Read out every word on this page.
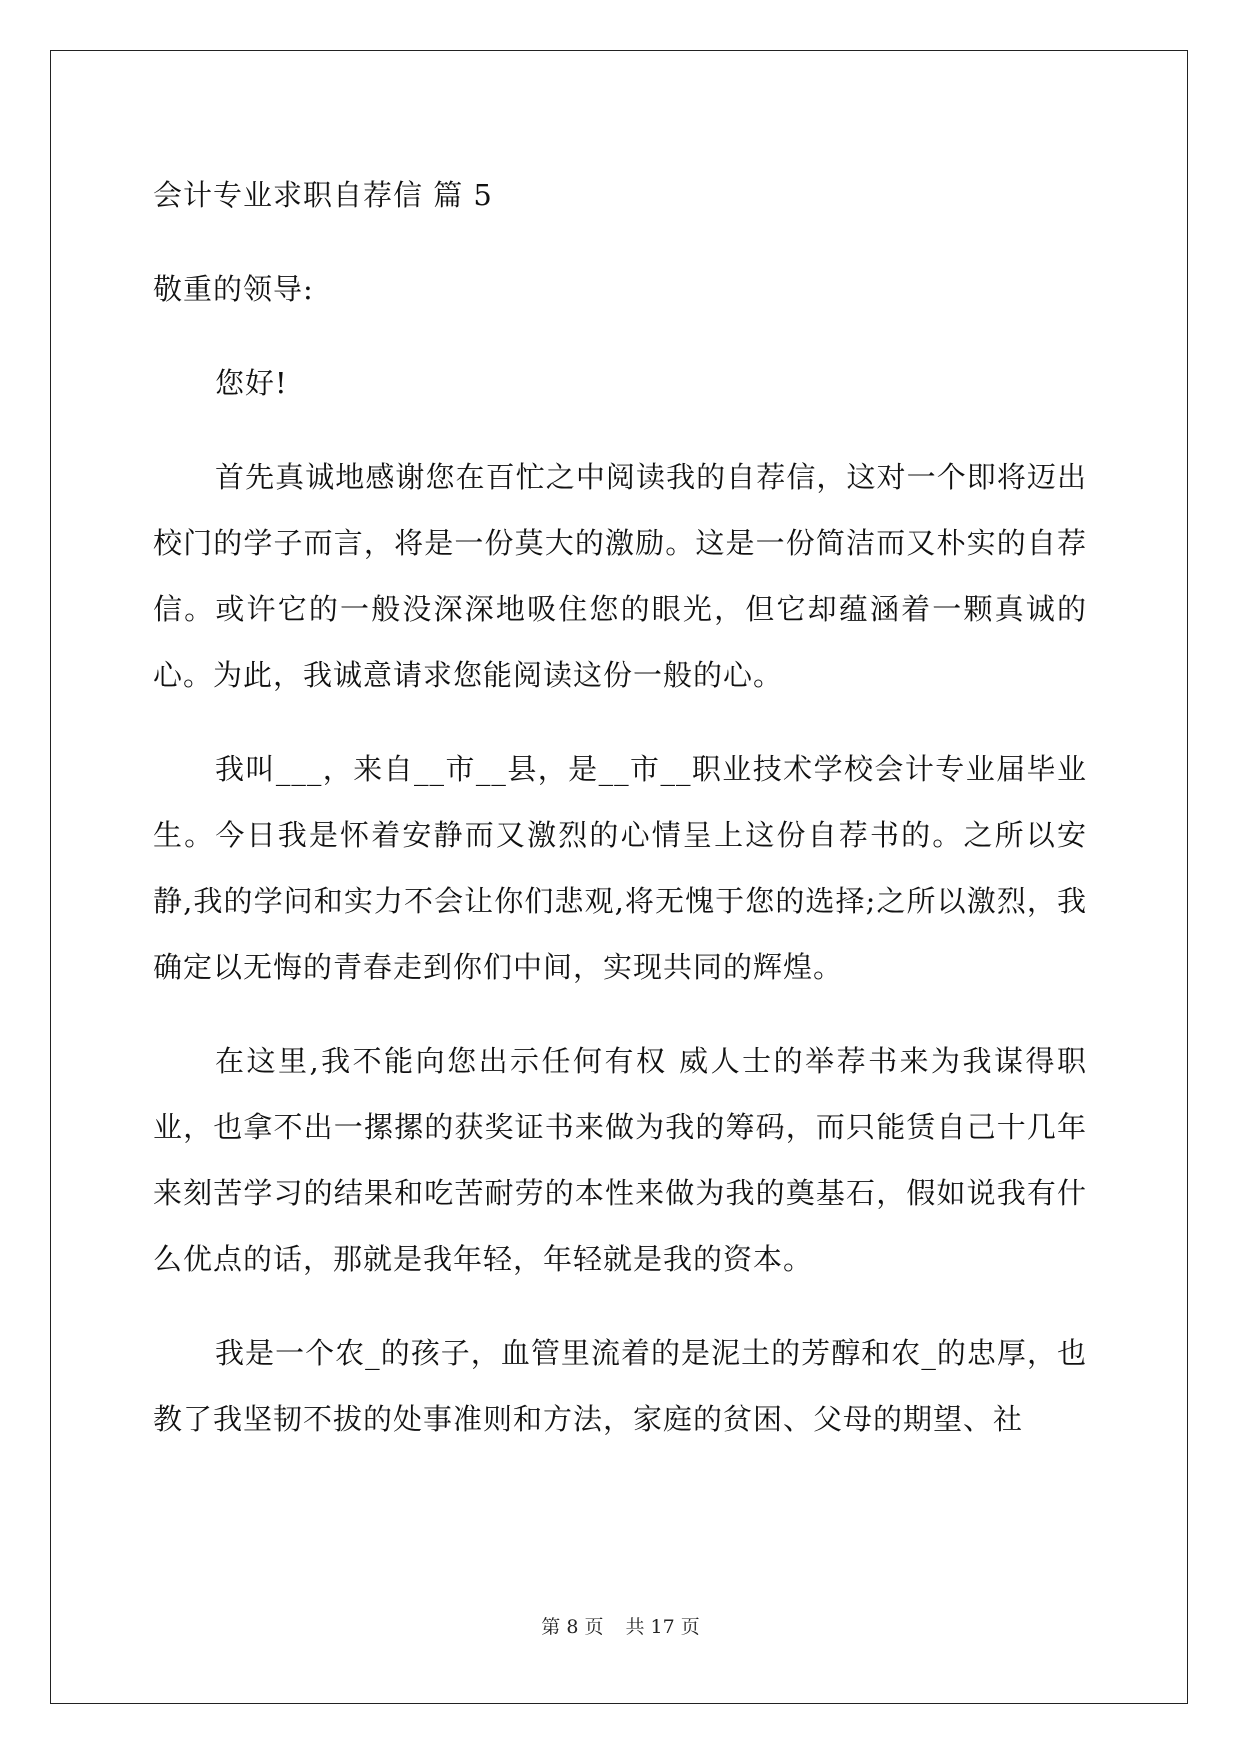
会计专业求职自荐信 篇 5

敬重的领导:

您好!

首先真诚地感谢您在百忙之中阅读我的自荐信，这对一个即将迈出校门的学子而言，将是一份莫大的激励。这是一份简洁而又朴实的自荐信。或许它的一般没深深地吸住您的眼光，但它却蕴涵着一颗真诚的心。为此，我诚意请求您能阅读这份一般的心。

我叫___，来自__市__县，是__市__职业技术学校会计专业届毕业生。今日我是怀着安静而又激烈的心情呈上这份自荐书的。之所以安静,我的学问和实力不会让你们悲观,将无愧于您的选择;之所以激烈，我确定以无悔的青春走到你们中间，实现共同的辉煌。

在这里,我不能向您出示任何有权 威人士的举荐书来为我谋得职业，也拿不出一摞摞的获奖证书来做为我的筹码，而只能赁自己十几年来刻苦学习的结果和吃苦耐劳的本性来做为我的奠基石，假如说我有什么优点的话，那就是我年轻，年轻就是我的资本。

我是一个农_的孩子，血管里流着的是泥土的芳醇和农_的忠厚，也教了我坚韧不拔的处事准则和方法，家庭的贫困、父母的期望、社

第 8 页 共 17 页
